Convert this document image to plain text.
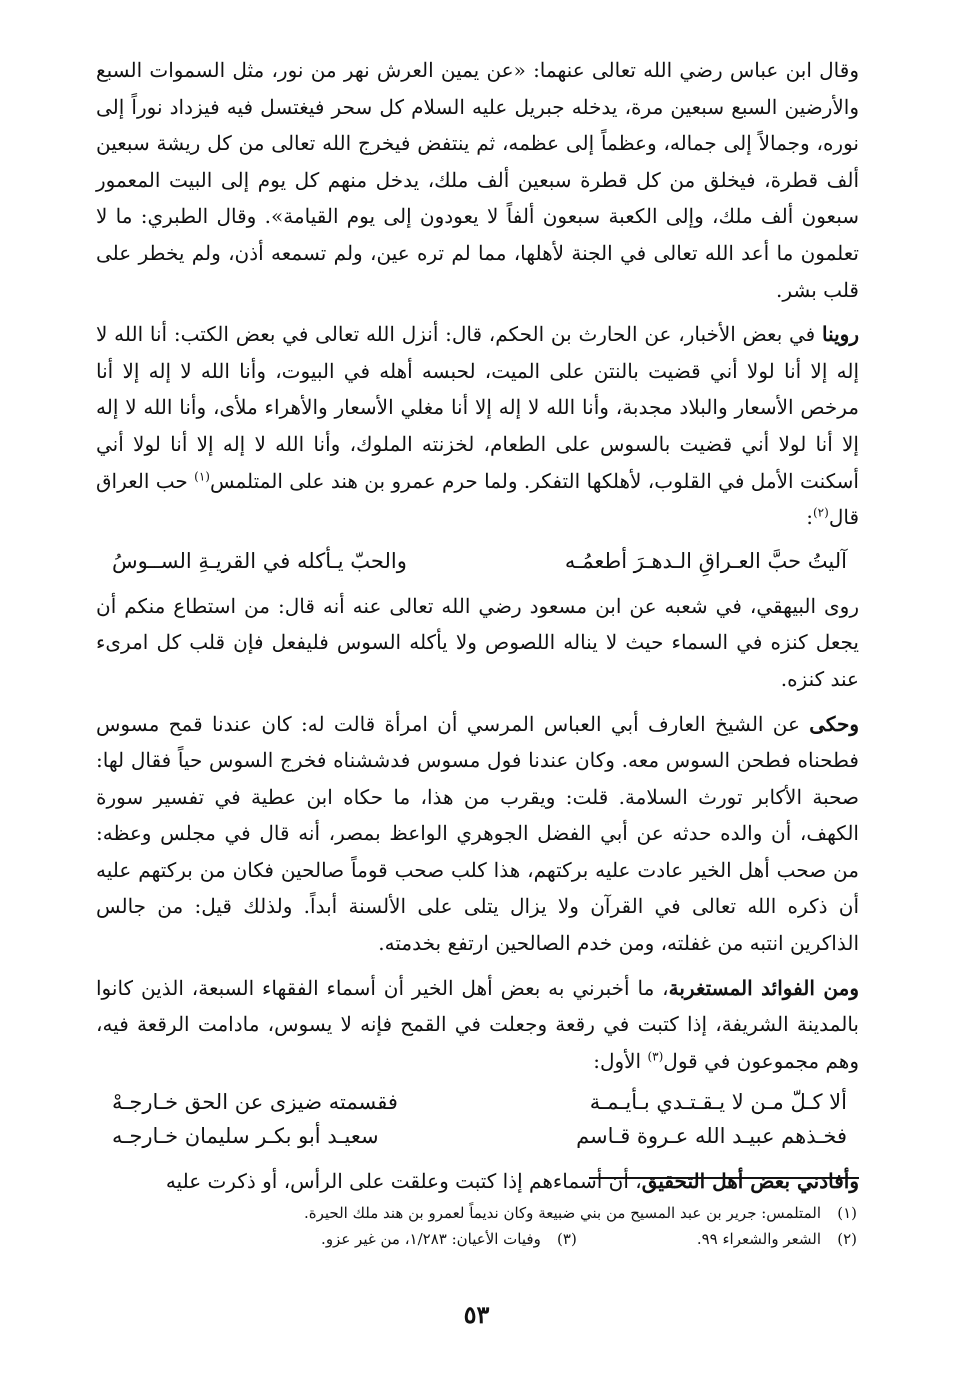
وقال ابن عباس رضي الله تعالى عنهما: «عن يمين العرش نهر من نور، مثل السموات السبع والأرضين السبع سبعين مرة، يدخله جبريل عليه السلام كل سحر فيغتسل فيه فيزداد نوراً إلى نوره، وجمالاً إلى جماله، وعظماً إلى عظمه، ثم ينتفض فيخرج الله تعالى من كل ريشة سبعين ألف قطرة، فيخلق من كل قطرة سبعين ألف ملك، يدخل منهم كل يوم إلى البيت المعمور سبعون ألف ملك، وإلى الكعبة سبعون ألفاً لا يعودون إلى يوم القيامة». وقال الطبري: ما لا تعلمون ما أعد الله تعالى في الجنة لأهلها، مما لم تره عين، ولم تسمعه أذن، ولم يخطر على قلب بشر.

روينا في بعض الأخبار، عن الحارث بن الحكم، قال: أنزل الله تعالى في بعض الكتب: أنا الله لا إله إلا أنا لولا أني قضيت بالنتن على الميت، لحبسه أهله في البيوت، وأنا الله لا إله إلا أنا مرخص الأسعار والبلاد مجدبة، وأنا الله لا إله إلا أنا مغلي الأسعار والأهراء ملأى، وأنا الله لا إله إلا أنا لولا أني قضيت بالسوس على الطعام، لخزنته الملوك، وأنا الله لا إله إلا أنا لولا أني أسكنت الأمل في القلوب، لأهلكها التفكر. ولما حرم عمرو بن هند على المتلمس$^{(١)}$ حب العراق قال$^{(٢)}$:

آليتُ حبَّ العـراقِ الـدهـرَ أطعمُـه
والحبّ يـأكله في القريـةِ الســوسُ

روى البيهقي، في شعبه عن ابن مسعود رضي الله تعالى عنه أنه قال: من استطاع منكم أن يجعل كنزه في السماء حيث لا يناله اللصوص ولا يأكله السوس فليفعل فإن قلب كل امرىء عند كنزه.

وحكى عن الشيخ العارف أبي العباس المرسي أن امرأة قالت له: كان عندنا قمح مسوس فطحناه فطحن السوس معه. وكان عندنا فول مسوس فدششناه فخرج السوس حياً فقال لها: صحبة الأكابر تورث السلامة. قلت: ويقرب من هذا، ما حكاه ابن عطية في تفسير سورة الكهف، أن والده حدثه عن أبي الفضل الجوهري الواعظ بمصر، أنه قال في مجلس وعظه: من صحب أهل الخير عادت عليه بركتهم، هذا كلب صحب قوماً صالحين فكان من بركتهم عليه أن ذكره الله تعالى في القرآن ولا يزال يتلى على الألسنة أبداً. ولذلك قيل: من جالس الذاكرين انتبه من غفلته، ومن خدم الصالحين ارتفع بخدمته.

ومن الفوائد المستغربة، ما أخبرني به بعض أهل الخير أن أسماء الفقهاء السبعة، الذين كانوا بالمدينة الشريفة، إذا كتبت في رقعة وجعلت في القمح فإنه لا يسوس، مادامت الرقعة فيه، وهم مجموعون في قول$^{(٣)}$ الأول:

ألا كـلّ مـن لا يـقـتـدي بـأيـمـة
فقسمته ضيزى عن الحق خـارجـهْ
فخـذهم عبيـد الله عـروة قـاسم
سعيـد أبو بكـر سليمان خـارجـه

وأفادني بعض أهل التحقيق، أن أسماءهم إذا كتبت وعلقت على الرأس، أو ذكرت عليه

(١)
المتلمس: جرير بن عبد المسيح من بني ضبيعة وكان نديماً لعمرو بن هند ملك الحيرة.
(٢)
الشعر والشعراء ٩٩.
(٣)
وفيات الأعيان: ١/٢٨٣، من غير عزو.
٥٣
